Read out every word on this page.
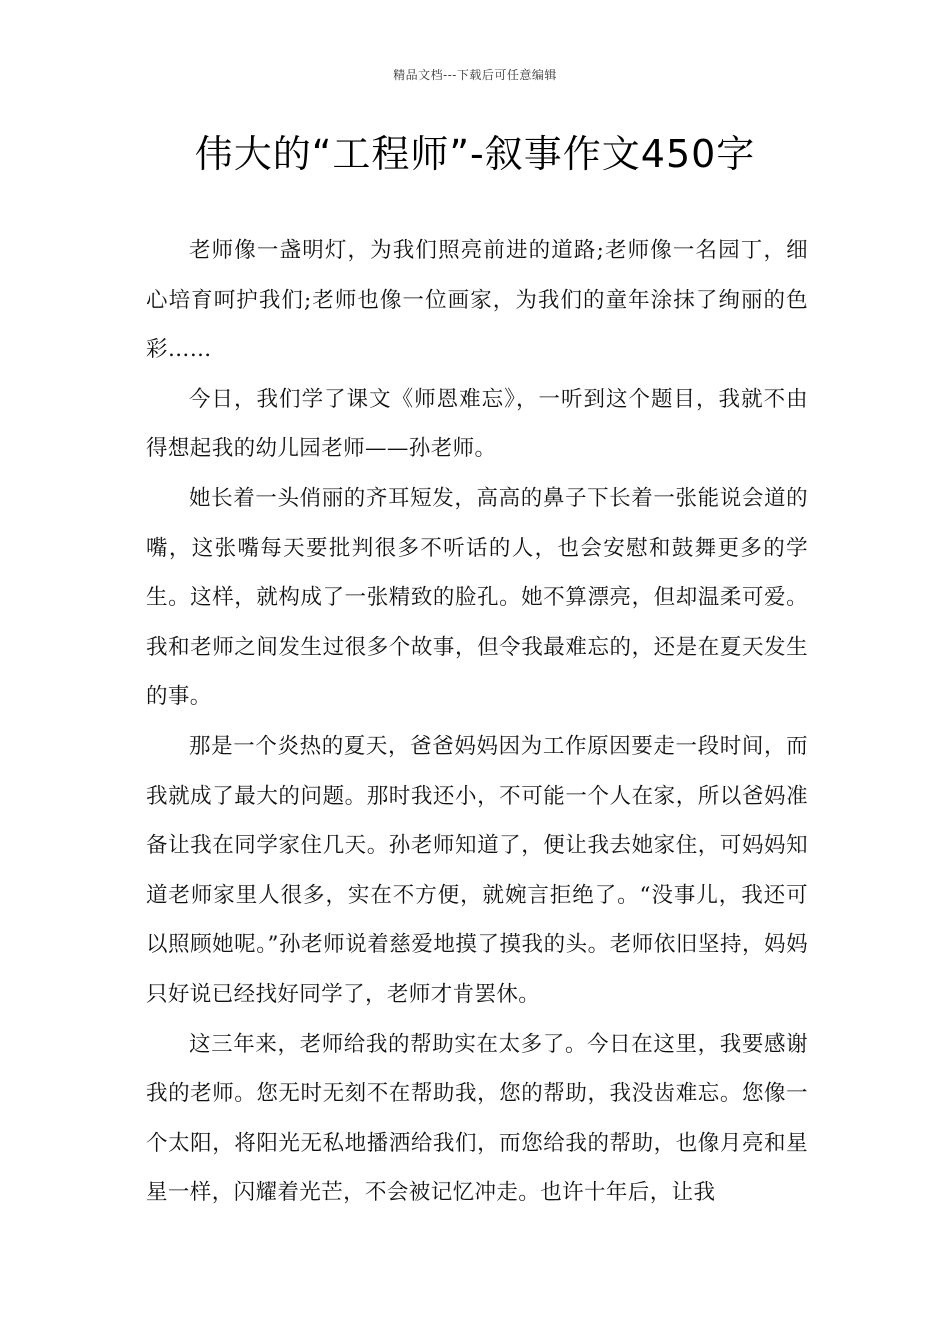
精品文档---下载后可任意编辑
伟大的“工程师”-叙事作文450字

老师像一盏明灯，为我们照亮前进的道路;老师像一名园丁，细心培育呵护我们;老师也像一位画家，为我们的童年涂抹了绚丽的色彩……

今日，我们学了课文《师恩难忘》，一听到这个题目，我就不由得想起我的幼儿园老师——孙老师。

她长着一头俏丽的齐耳短发，高高的鼻子下长着一张能说会道的嘴，这张嘴每天要批判很多不听话的人，也会安慰和鼓舞更多的学生。这样，就构成了一张精致的脸孔。她不算漂亮，但却温柔可爱。我和老师之间发生过很多个故事，但令我最难忘的，还是在夏天发生的事。

那是一个炎热的夏天，爸爸妈妈因为工作原因要走一段时间，而我就成了最大的问题。那时我还小，不可能一个人在家，所以爸妈准备让我在同学家住几天。孙老师知道了，便让我去她家住，可妈妈知道老师家里人很多，实在不方便，就婉言拒绝了。“没事儿，我还可以照顾她呢。”孙老师说着慈爱地摸了摸我的头。老师依旧坚持，妈妈只好说已经找好同学了，老师才肯罢休。

这三年来，老师给我的帮助实在太多了。今日在这里，我要感谢我的老师。您无时无刻不在帮助我，您的帮助，我没齿难忘。您像一个太阳，将阳光无私地播洒给我们，而您给我的帮助，也像月亮和星星一样，闪耀着光芒，不会被记忆冲走。也许十年后，让我
